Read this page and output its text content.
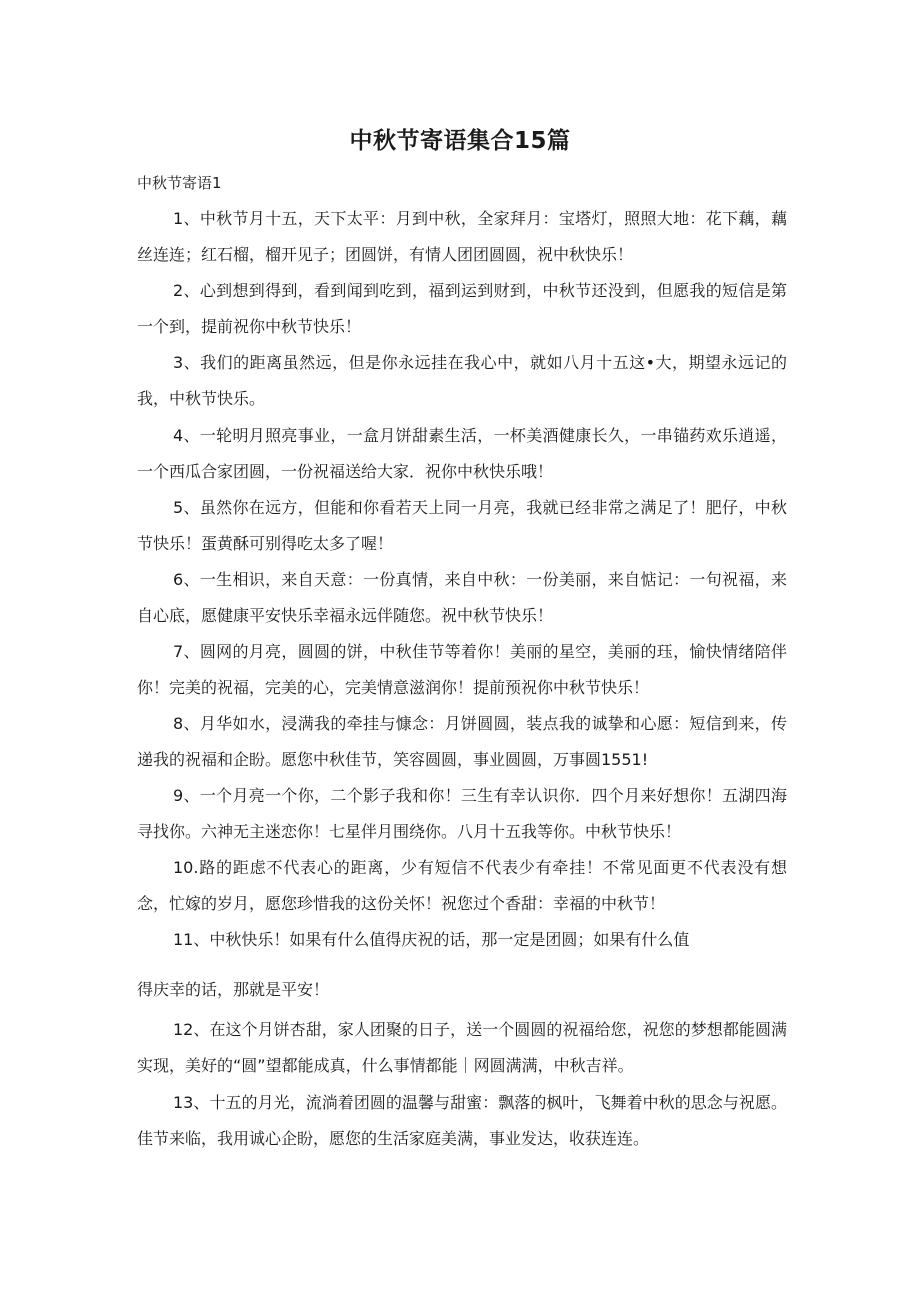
中秋节寄语集合15篇

中秋节寄语1

1、中秋节月十五，天下太平：月到中秋，全家拜月：宝塔灯，照照大地：花下藕，藕丝连连；红石榴，榴开见子；团圆饼，有情人团团圆圆，祝中秋快乐！

2、心到想到得到，看到闻到吃到，福到运到财到，中秋节还没到，但愿我的短信是第一个到，提前祝你中秋节快乐！

3、我们的距离虽然远，但是你永远挂在我心中，就如八月十五这•大，期望永远记的我，中秋节快乐。

4、一轮明月照亮事业，一盒月饼甜素生活，一杯美酒健康长久，一串锚药欢乐逍遥，一个西瓜合家团圆，一份祝福送给大家．祝你中秋快乐哦！

5、虽然你在远方，但能和你看若天上同一月亮，我就已经非常之满足了！肥仔，中秋节快乐！蛋黄酥可别得吃太多了喔！

6、一生相识，来自天意：一份真情，来自中秋：一份美丽，来自惦记：一句祝福，来自心底，愿健康平安快乐幸福永远伴随您。祝中秋节快乐！

7、圆网的月亮，圆圆的饼，中秋佳节等着你！美丽的星空，美丽的珏，愉快情绪陪伴你！完美的祝福，完美的心，完美情意滋润你！提前预祝你中秋节快乐！

8、月华如水，浸满我的牵挂与慷念：月饼圆圆，装点我的诚挚和心愿：短信到来，传递我的祝福和企盼。愿您中秋佳节，笑容圆圆，事业圆圆，万事圆1551!

9、一个月亮一个你，二个影子我和你！三生有幸认识你．四个月来好想你！五湖四海寻找你。六神无主迷恋你！七星伴月围绕你。八月十五我等你。中秋节快乐！

10.路的距虑不代表心的距离，少有短信不代表少有牵挂！不常见面更不代表没有想念，忙嫁的岁月，愿您珍惜我的这份关怀！祝您过个香甜：幸福的中秋节！

11、中秋快乐！如果有什么值得庆祝的话，那一定是团圆；如果有什么值

得庆幸的话，那就是平安！

12、在这个月饼杏甜，家人团聚的日子，送一个圆圆的祝福给您，祝您的梦想都能圆满实现，美好的“圆”望都能成真，什么事情都能｜网圆满满，中秋吉祥。

13、十五的月光，流淌着团圆的温馨与甜蜜：飘落的枫叶，飞舞着中秋的思念与祝愿。佳节来临，我用诚心企盼，愿您的生活家庭美满，事业发达，收获连连。
